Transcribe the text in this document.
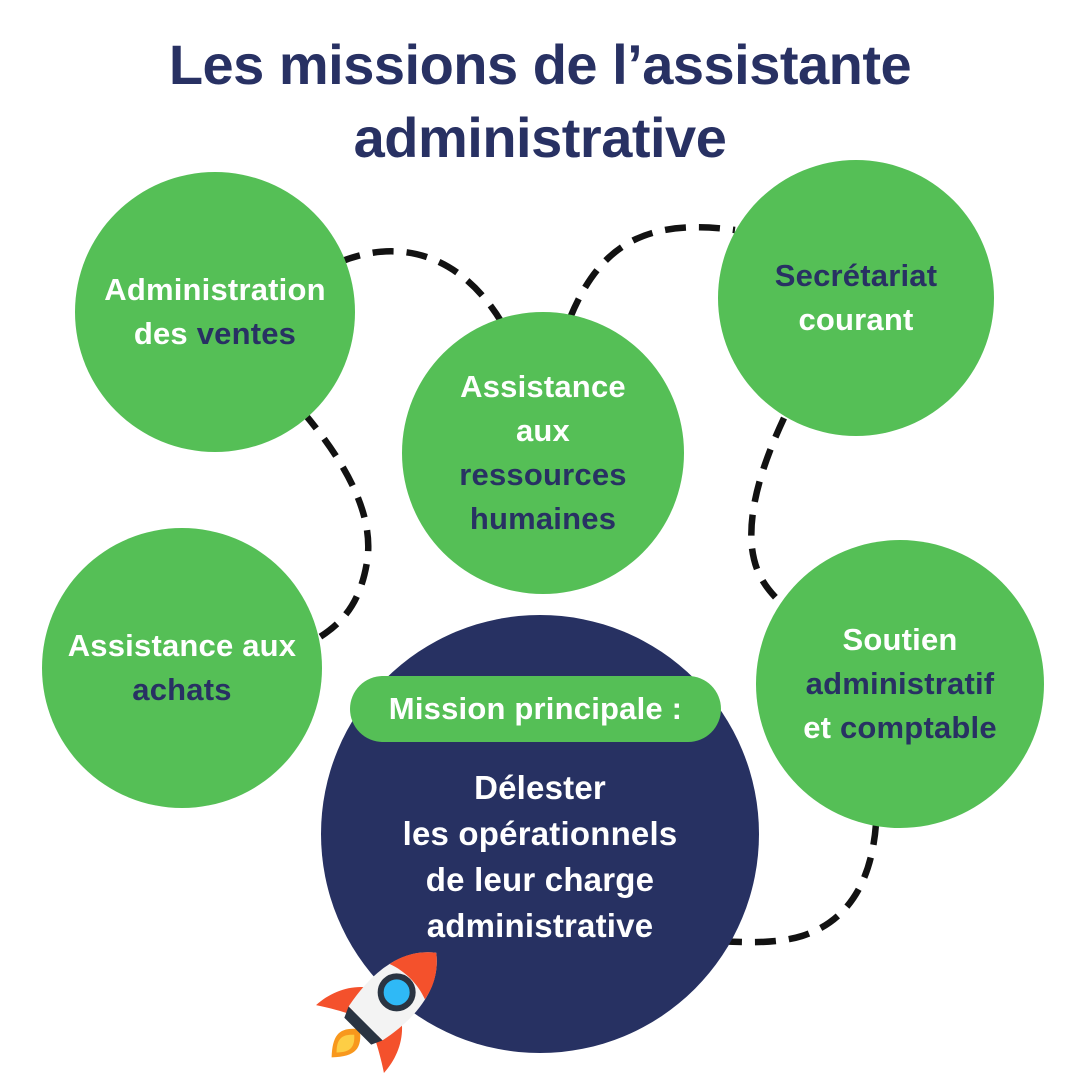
Les missions de l’assistante
administrative
Administration
des ventes
Assistance
aux
ressources
humaines
Secrétariat
courant
Assistance aux
achats
Soutien
administratif
et comptable
Mission principale :
Délester
les opérationnels
de leur charge
administrative
